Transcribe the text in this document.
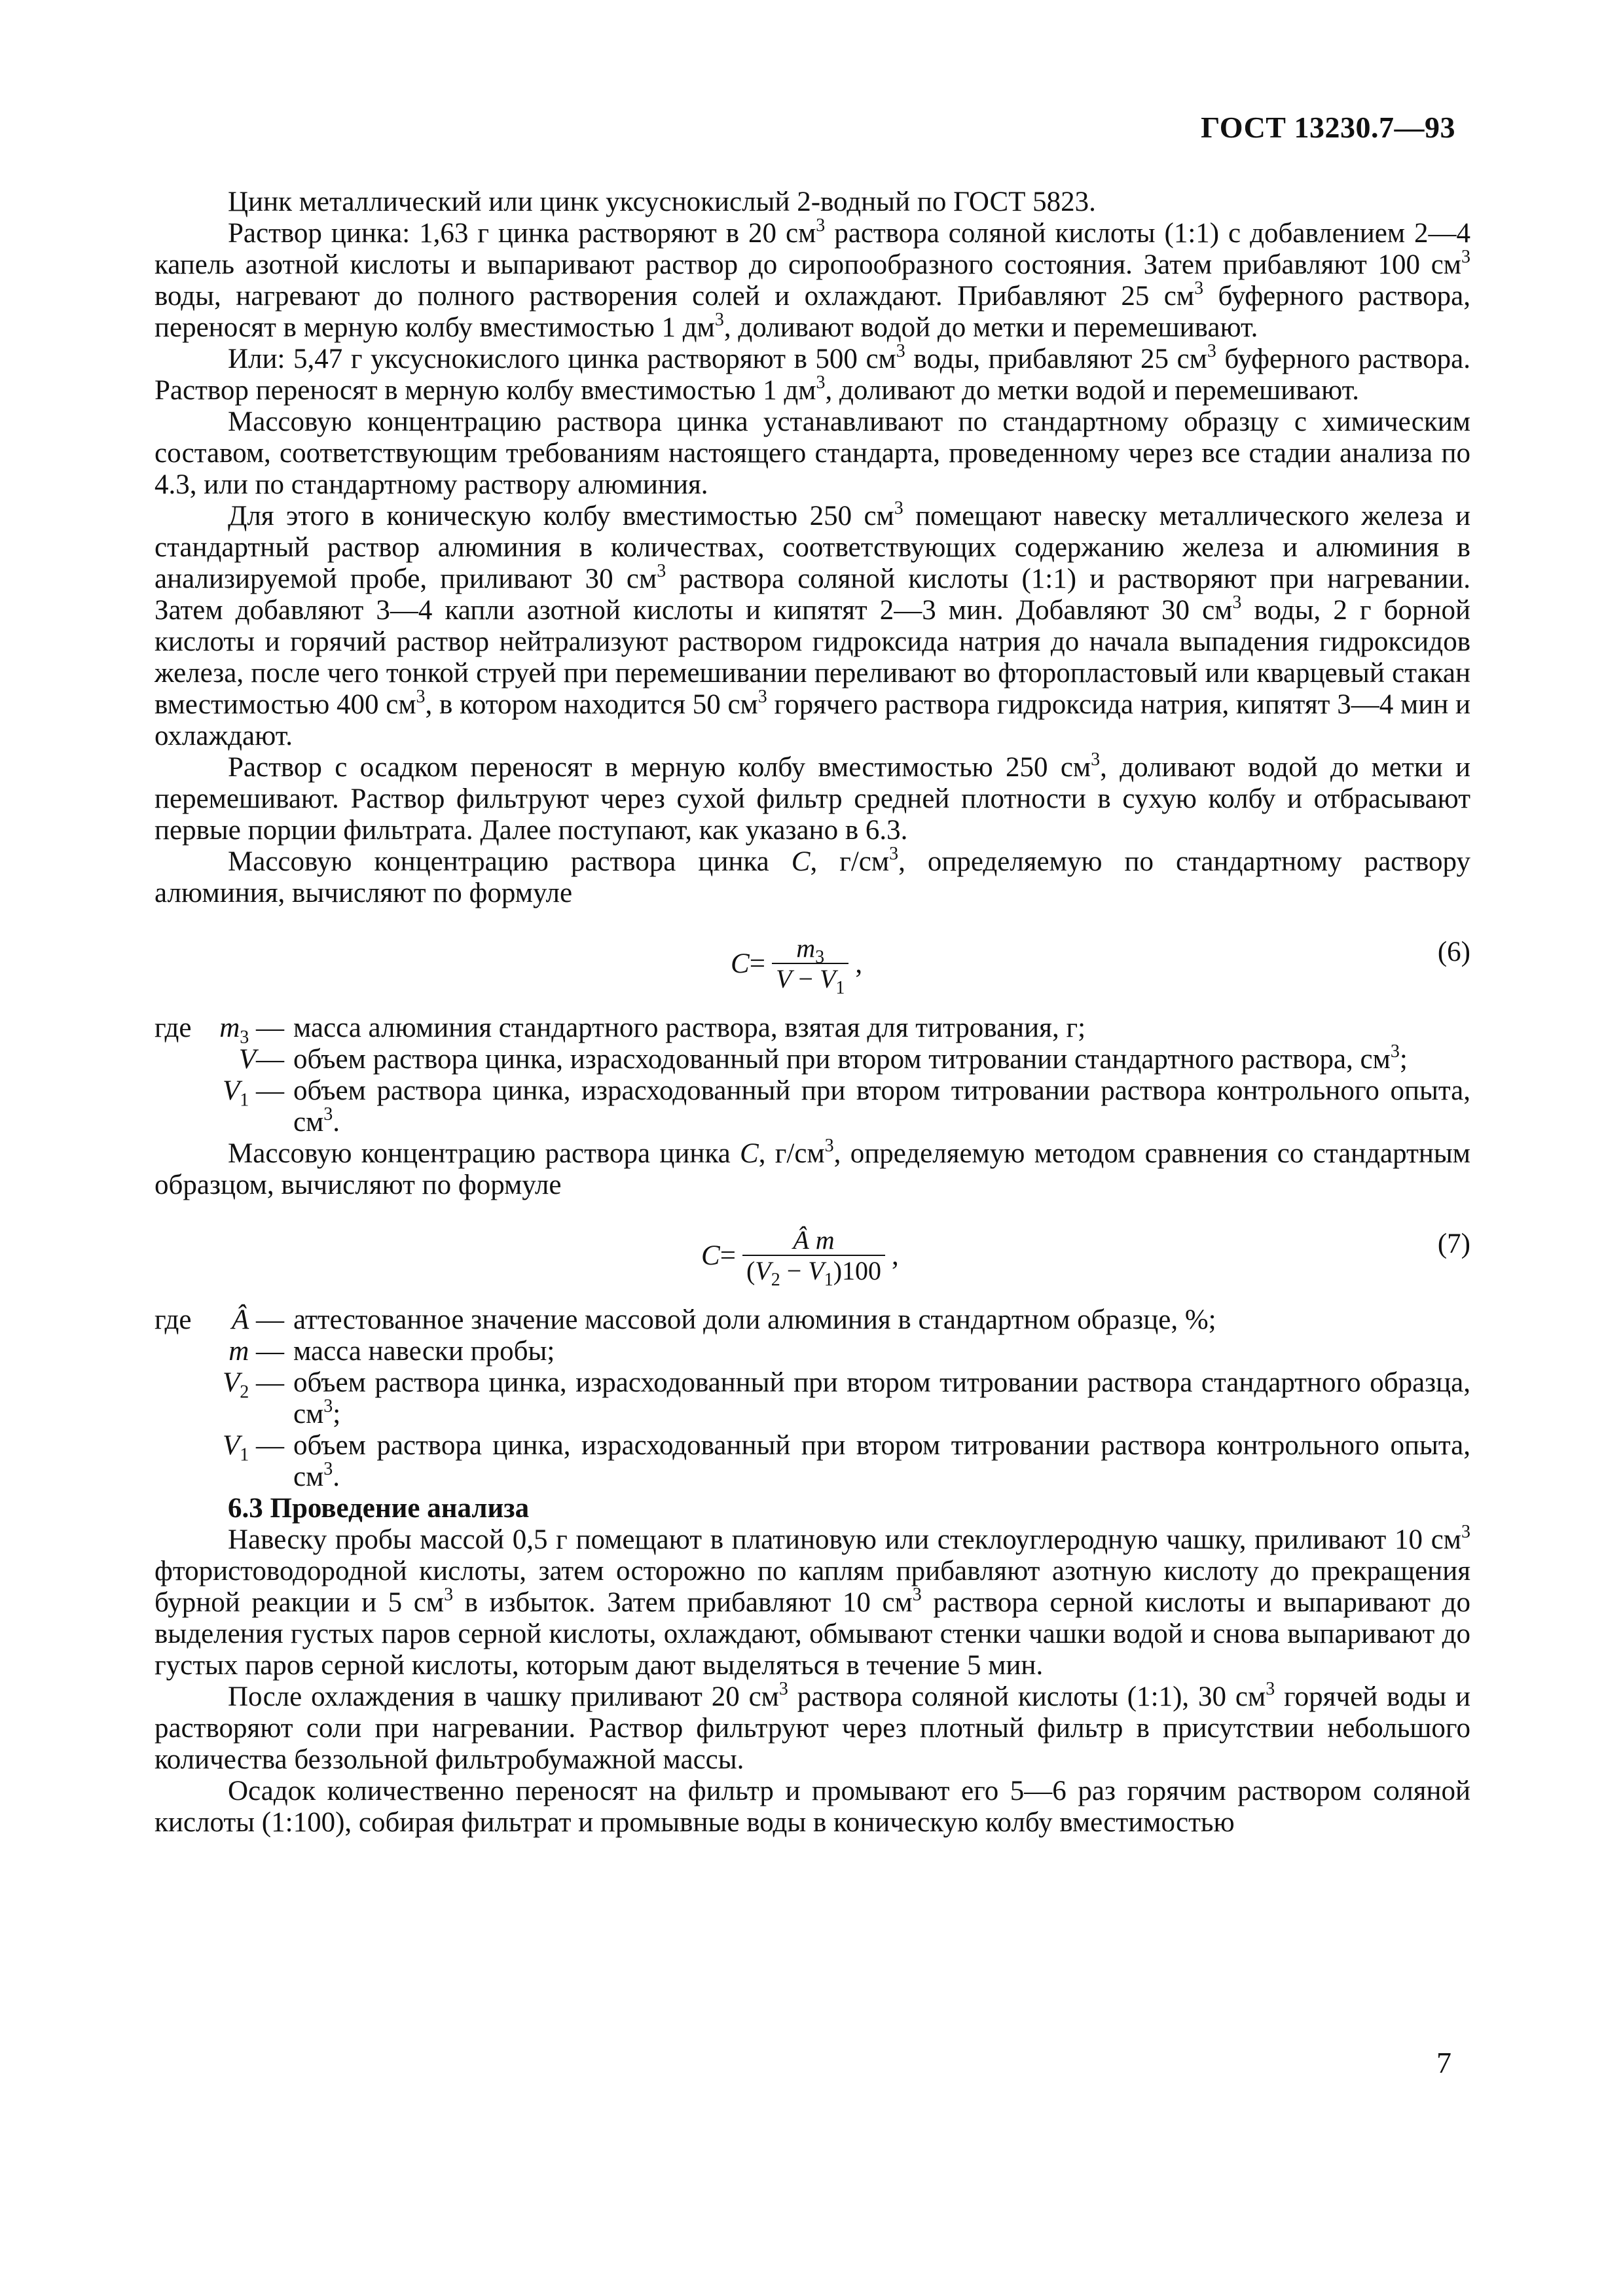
ГОСТ 13230.7—93

Цинк металлический или цинк уксуснокислый 2-водный по ГОСТ 5823.

Раствор цинка: 1,63 г цинка растворяют в 20 $см^3$ раствора соляной кислоты (1:1) с добавлением 2—4 капель азотной кислоты и выпаривают раствор до сиропообразного состояния. Затем прибавляют 100 $см^3$ воды, нагревают до полного растворения солей и охлаждают. Прибавляют 25 $см^3$ буферного раствора, переносят в мерную колбу вместимостью 1 $дм^3$, доливают водой до метки и перемешивают.

Или: 5,47 г уксуснокислого цинка растворяют в 500 $см^3$ воды, прибавляют 25 $см^3$ буферного раствора. Раствор переносят в мерную колбу вместимостью 1 $дм^3$, доливают до метки водой и перемешивают.

Массовую концентрацию раствора цинка устанавливают по стандартному образцу с химическим составом, соответствующим требованиям настоящего стандарта, проведенному через все стадии анализа по 4.3, или по стандартному раствору алюминия.

Для этого в коническую колбу вместимостью 250 $см^3$ помещают навеску металлического железа и стандартный раствор алюминия в количествах, соответствующих содержанию железа и алюминия в анализируемой пробе, приливают 30 $см^3$ раствора соляной кислоты (1:1) и растворяют при нагревании. Затем добавляют 3—4 капли азотной кислоты и кипятят 2—3 мин. Добавляют 30 $см^3$ воды, 2 г борной кислоты и горячий раствор нейтрализуют раствором гидроксида натрия до начала выпадения гидроксидов железа, после чего тонкой струей при перемешивании переливают во фторопластовый или кварцевый стакан вместимостью 400 $см^3$, в котором находится 50 $см^3$ горячего раствора гидроксида натрия, кипятят 3—4 мин и охлаждают.

Раствор с осадком переносят в мерную колбу вместимостью 250 $см^3$, доливают водой до метки и перемешивают. Раствор фильтруют через сухой фильтр средней плотности в сухую колбу и отбрасывают первые порции фильтрата. Далее поступают, как указано в 6.3.

Массовую концентрацию раствора цинка C, $г/см^3$, определяемую по стандартному раствору алюминия, вычисляют по формуле

$C = \frac{m_3}{V - V_1}$ ,	(6)
где $m_3$ — масса алюминия стандартного раствора, взятая для титрования, г;
V— объем раствора цинка, израсходованный при втором титровании стандартного раствора, $см^3$;
$V_1$ — объем раствора цинка, израсходованный при втором титровании раствора контрольного опыта, $см^3$.

Массовую концентрацию раствора цинка C, $г/см^3$, определяемую методом сравнения со стандартным образцом, вычисляют по формуле

$C = \frac{\text{Â m}}{(V_2 - V_1)100}$ ,	(7)
где Â — аттестованное значение массовой доли алюминия в стандартном образце, %;
m — масса навески пробы;
$V_2$ — объем раствора цинка, израсходованный при втором титровании раствора стандартного образца, $см^3$;
$V_1$ — объем раствора цинка, израсходованный при втором титровании раствора контрольного опыта, $см^3$.

6.3 Проведение анализа

Навеску пробы массой 0,5 г помещают в платиновую или стеклоуглеродную чашку, приливают 10 $см^3$ фтористоводородной кислоты, затем осторожно по каплям прибавляют азотную кислоту до прекращения бурной реакции и 5 $см^3$ в избыток. Затем прибавляют 10 $см^3$ раствора серной кислоты и выпаривают до выделения густых паров серной кислоты, охлаждают, обмывают стенки чашки водой и снова выпаривают до густых паров серной кислоты, которым дают выделяться в течение 5 мин.

После охлаждения в чашку приливают 20 $см^3$ раствора соляной кислоты (1:1), 30 $см^3$ горячей воды и растворяют соли при нагревании. Раствор фильтруют через плотный фильтр в присутствии небольшого количества беззольной фильтробумажной массы.

Осадок количественно переносят на фильтр и промывают его 5—6 раз горячим раствором соляной кислоты (1:100), собирая фильтрат и промывные воды в коническую колбу вместимостью

7
